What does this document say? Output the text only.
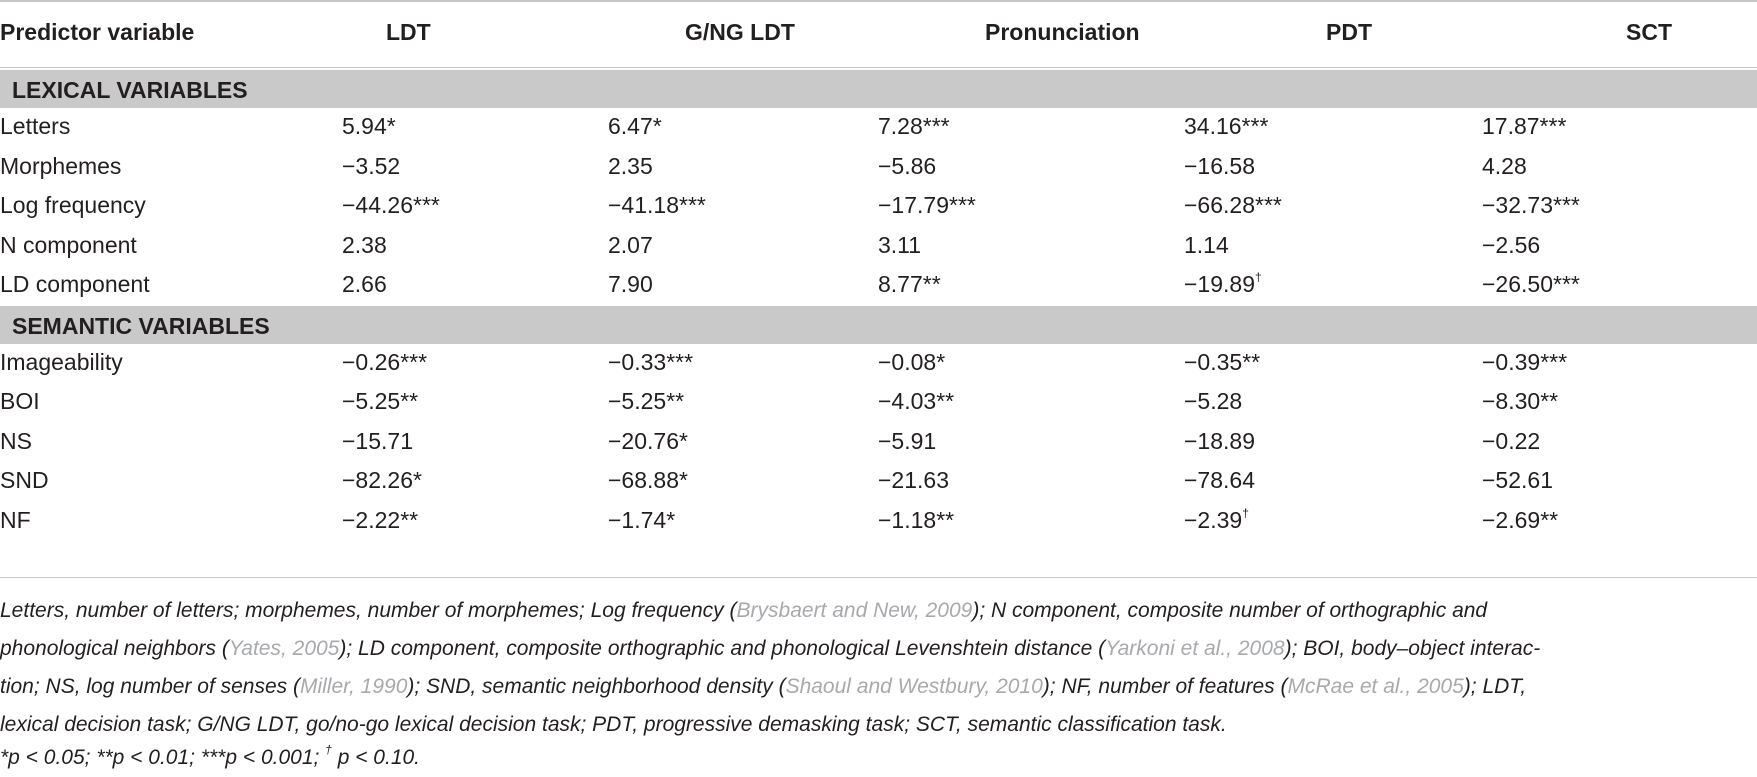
Predictor variable	LDT	G/NG LDT	Pronunciation	PDT	SCT
LEXICAL VARIABLES
Letters	5.94*	6.47*	7.28***	34.16***	17.87***
Morphemes	−3.52	2.35	−5.86	−16.58	4.28
Log frequency	−44.26***	−41.18***	−17.79***	−66.28***	−32.73***
N component	2.38	2.07	3.11	1.14	−2.56
LD component	2.66	7.90	8.77**	−19.89†	−26.50***
SEMANTIC VARIABLES
Imageability	−0.26***	−0.33***	−0.08*	−0.35**	−0.39***
BOI	−5.25**	−5.25**	−4.03**	−5.28	−8.30**
NS	−15.71	−20.76*	−5.91	−18.89	−0.22
SND	−82.26*	−68.88*	−21.63	−78.64	−52.61
NF	−2.22**	−1.74*	−1.18**	−2.39†	−2.69**
Letters, number of letters; morphemes, number of morphemes; Log frequency (Brysbaert and New, 2009); N component, composite number of orthographic and
phonological neighbors (Yates, 2005); LD component, composite orthographic and phonological Levenshtein distance (Yarkoni et al., 2008); BOI, body–object interac-
tion; NS, log number of senses (Miller, 1990); SND, semantic neighborhood density (Shaoul and Westbury, 2010); NF, number of features (McRae et al., 2005); LDT,
lexical decision task; G/NG LDT, go/no-go lexical decision task; PDT, progressive demasking task; SCT, semantic classification task.
*p < 0.05; **p < 0.01; ***p < 0.001; † p < 0.10.
